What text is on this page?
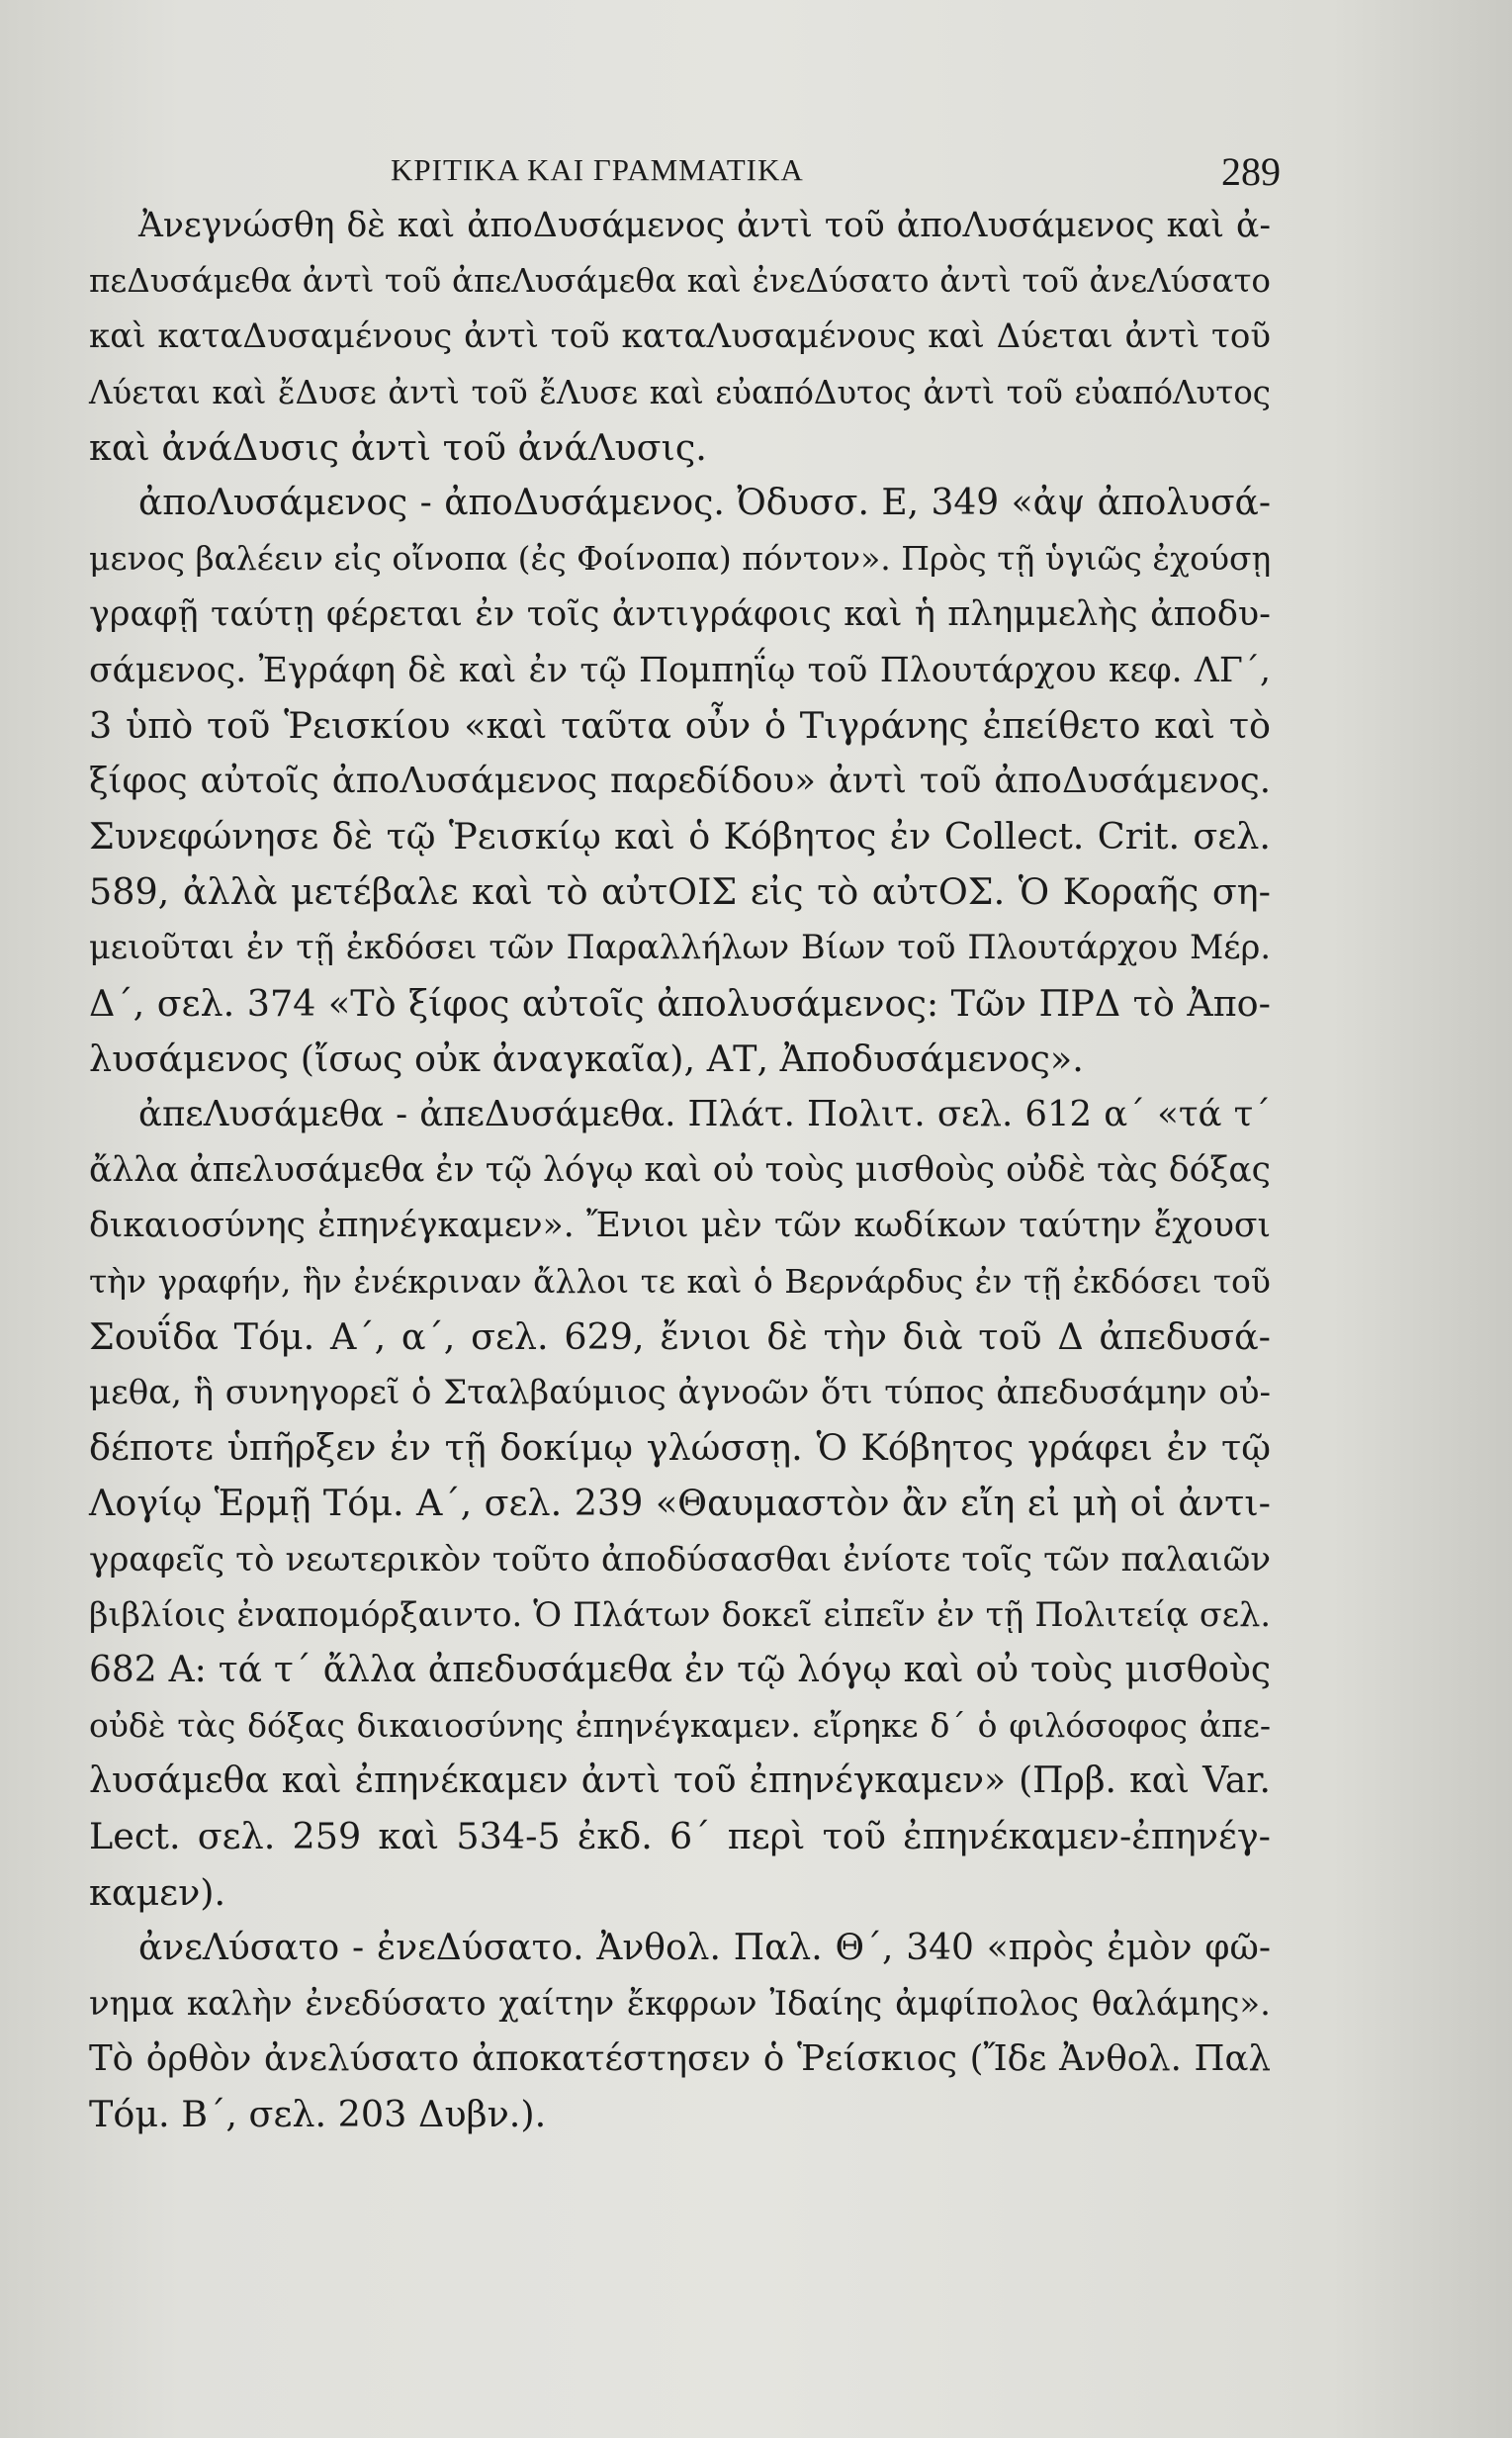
ΚΡΙΤΙΚΑ ΚΑΙ ΓΡΑΜΜΑΤΙΚΑ	289
Ἀνεγνώσθη δὲ καὶ ἀποΔυσάμενος ἀντὶ τοῦ ἀποΛυσάμενος καὶ ἀ-
πεΔυσάμεθα ἀντὶ τοῦ ἀπεΛυσάμεθα καὶ ἐνεΔύσατο ἀντὶ τοῦ ἀνεΛύσατο
καὶ καταΔυσαμένους ἀντὶ τοῦ καταΛυσαμένους καὶ Δύεται ἀντὶ τοῦ
Λύεται καὶ ἔΔυσε ἀντὶ τοῦ ἔΛυσε καὶ εὐαπόΔυτος ἀντὶ τοῦ εὐαπόΛυτος
καὶ ἀνάΔυσις ἀντὶ τοῦ ἀνάΛυσις.
ἀποΛυσάμενος - ἀποΔυσάμενος. Ὀδυσσ. Ε, 349 «ἀψ ἀπολυσά-
μενος βαλέειν εἰς οἴνοπα (ἐς Φοίνοπα) πόντον». Πρὸς τῇ ὑγιῶς ἐχούσῃ
γραφῇ ταύτῃ φέρεται ἐν τοῖς ἀντιγράφοις καὶ ἡ πλημμελὴς ἀποδυ-
σάμενος. Ἐγράφη δὲ καὶ ἐν τῷ Πομπηΐῳ τοῦ Πλουτάρχου κεφ. ΛΓ΄,
3 ὑπὸ τοῦ Ῥεισκίου «καὶ ταῦτα οὖν ὁ Τιγράνης ἐπείθετο καὶ τὸ
ξίφος αὐτοῖς ἀποΛυσάμενος παρεδίδου» ἀντὶ τοῦ ἀποΔυσάμενος.
Συνεφώνησε δὲ τῷ Ῥεισκίῳ καὶ ὁ Κόβητος ἐν Collect. Crit. σελ.
589, ἀλλὰ μετέβαλε καὶ τὸ αὐτΟΙΣ εἰς τὸ αὐτΟΣ. Ὁ Κοραῆς ση-
μειοῦται ἐν τῇ ἐκδόσει τῶν Παραλλήλων Βίων τοῦ Πλουτάρχου Μέρ.
Δ΄, σελ. 374 «Τὸ ξίφος αὐτοῖς ἀπολυσάμενος: Τῶν ΠΡΔ τὸ Ἀπο-
λυσάμενος (ἴσως οὐκ ἀναγκαῖα), ΑΤ, Ἀποδυσάμενος».
ἀπεΛυσάμεθα - ἀπεΔυσάμεθα. Πλάτ. Πολιτ. σελ. 612 α΄ «τά τ΄
ἄλλα ἀπελυσάμεθα ἐν τῷ λόγῳ καὶ οὐ τοὺς μισθοὺς οὐδὲ τὰς δόξας
δικαιοσύνης ἐπηνέγκαμεν». Ἔνιοι μὲν τῶν κωδίκων ταύτην ἔχουσι
τὴν γραφήν, ἣν ἐνέκριναν ἄλλοι τε καὶ ὁ Βερνάρδυς ἐν τῇ ἐκδόσει τοῦ
Σουΐδα Τόμ. Α΄, α΄, σελ. 629, ἔνιοι δὲ τὴν διὰ τοῦ Δ ἀπεδυσά-
μεθα, ἣ συνηγορεῖ ὁ Σταλβαύμιος ἀγνοῶν ὅτι τύπος ἀπεδυσάμην οὐ-
δέποτε ὑπῆρξεν ἐν τῇ δοκίμῳ γλώσσῃ. Ὁ Κόβητος γράφει ἐν τῷ
Λογίῳ Ἑρμῇ Τόμ. Α΄, σελ. 239 «Θαυμαστὸν ἂν εἴη εἰ μὴ οἱ ἀντι-
γραφεῖς τὸ νεωτερικὸν τοῦτο ἀποδύσασθαι ἐνίοτε τοῖς τῶν παλαιῶν
βιβλίοις ἐναπομόρξαιντο. Ὁ Πλάτων δοκεῖ εἰπεῖν ἐν τῇ Πολιτείᾳ σελ.
682 Α: τά τ΄ ἄλλα ἀπεδυσάμεθα ἐν τῷ λόγῳ καὶ οὐ τοὺς μισθοὺς
οὐδὲ τὰς δόξας δικαιοσύνης ἐπηνέγκαμεν. εἴρηκε δ΄ ὁ φιλόσοφος ἀπε-
λυσάμεθα καὶ ἐπηνέκαμεν ἀντὶ τοῦ ἐπηνέγκαμεν» (Πρβ. καὶ Var.
Lect. σελ. 259 καὶ 534-5 ἐκδ. 6΄ περὶ τοῦ ἐπηνέκαμεν-ἐπηνέγ-
καμεν).
ἀνεΛύσατο - ἐνεΔύσατο. Ἀνθολ. Παλ. Θ΄, 340 «πρὸς ἐμὸν φῶ-
νημα καλὴν ἐνεδύσατο χαίτην ἔκφρων Ἰδαίης ἀμφίπολος θαλάμης».
Τὸ ὀρθὸν ἀνελύσατο ἀποκατέστησεν ὁ Ῥείσκιος (Ἴδε Ἀνθολ. Παλ
Τόμ. Β΄, σελ. 203 Δυβν.).
